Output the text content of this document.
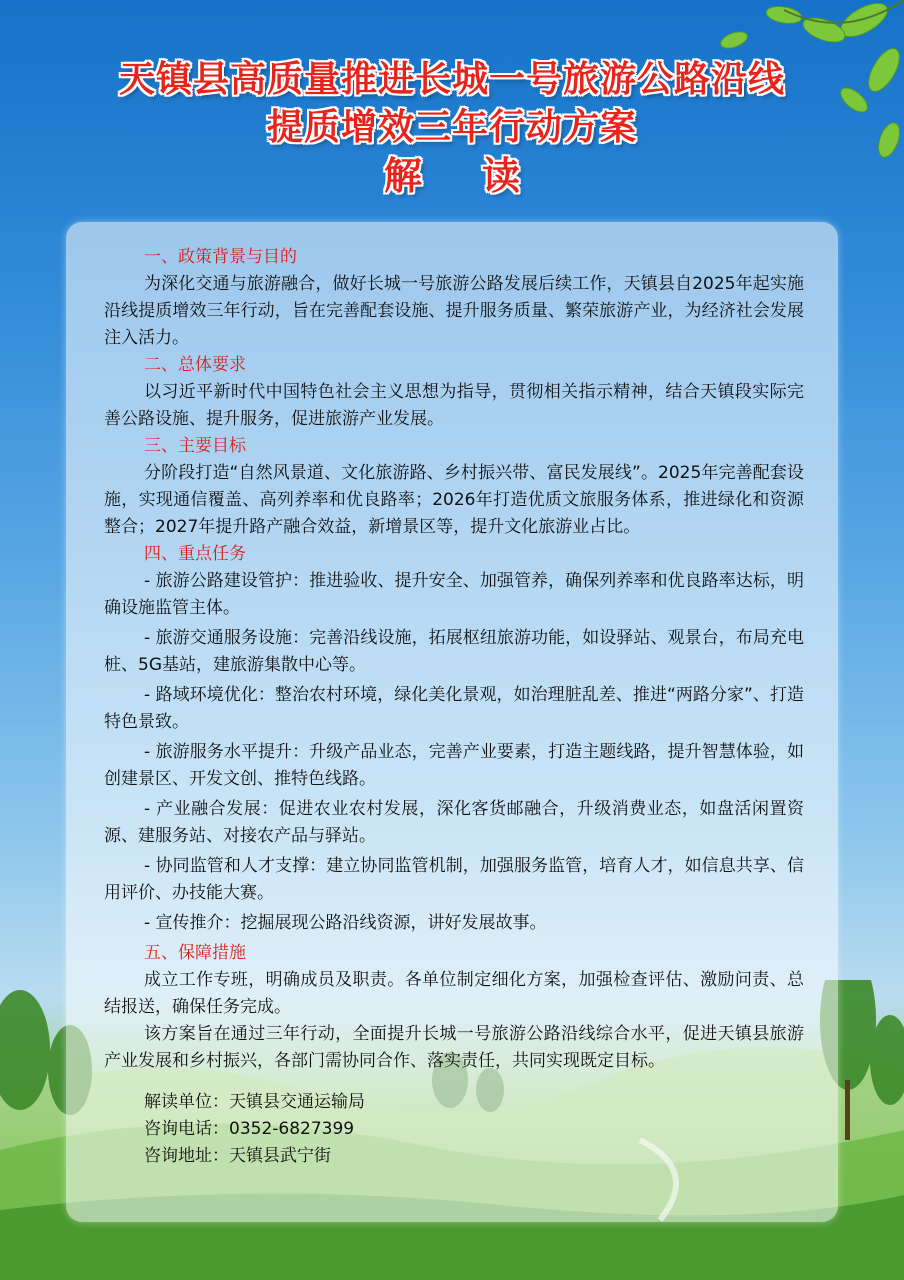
天镇县高质量推进长城一号旅游公路沿线
提质增效三年行动方案
解读
一、政策背景与目的

为深化交通与旅游融合，做好长城一号旅游公路发展后续工作，天镇县自2025年起实施沿线提质增效三年行动，旨在完善配套设施、提升服务质量、繁荣旅游产业，为经济社会发展注入活力。

二、总体要求

以习近平新时代中国特色社会主义思想为指导，贯彻相关指示精神，结合天镇段实际完善公路设施、提升服务，促进旅游产业发展。

三、主要目标

分阶段打造“自然风景道、文化旅游路、乡村振兴带、富民发展线”。2025年完善配套设施，实现通信覆盖、高列养率和优良路率；2026年打造优质文旅服务体系，推进绿化和资源整合；2027年提升路产融合效益，新增景区等，提升文化旅游业占比。

四、重点任务

- 旅游公路建设管护：推进验收、提升安全、加强管养，确保列养率和优良路率达标，明确设施监管主体。

- 旅游交通服务设施：完善沿线设施，拓展枢纽旅游功能，如设驿站、观景台，布局充电桩、5G基站，建旅游集散中心等。

- 路域环境优化：整治农村环境，绿化美化景观，如治理脏乱差、推进“两路分家”、打造特色景致。

- 旅游服务水平提升：升级产品业态，完善产业要素，打造主题线路，提升智慧体验，如创建景区、开发文创、推特色线路。

- 产业融合发展：促进农业农村发展，深化客货邮融合，升级消费业态，如盘活闲置资源、建服务站、对接农产品与驿站。

- 协同监管和人才支撑：建立协同监管机制，加强服务监管，培育人才，如信息共享、信用评价、办技能大赛。

- 宣传推介：挖掘展现公路沿线资源，讲好发展故事。

五、保障措施

成立工作专班，明确成员及职责。各单位制定细化方案，加强检查评估、激励问责、总结报送，确保任务完成。

该方案旨在通过三年行动，全面提升长城一号旅游公路沿线综合水平，促进天镇县旅游产业发展和乡村振兴，各部门需协同合作、落实责任，共同实现既定目标。

解读单位：天镇县交通运输局
咨询电话：0352-6827399
咨询地址：天镇县武宁街
